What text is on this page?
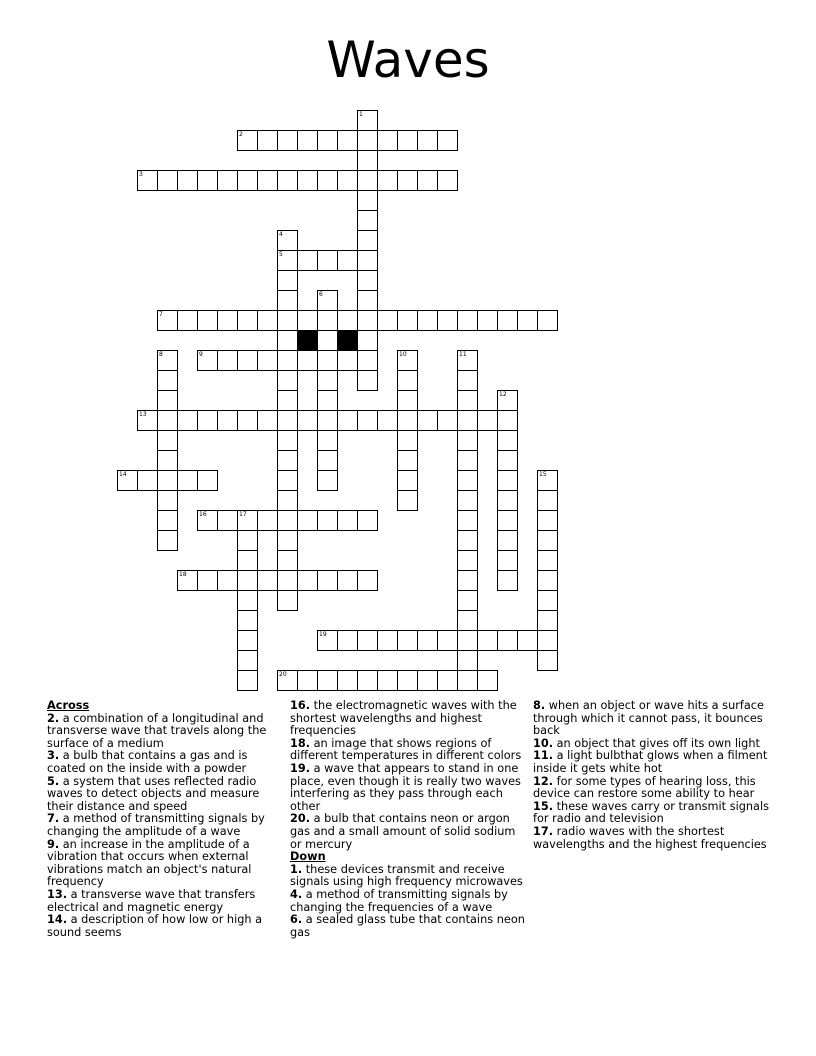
Waves
1
2
3
4
5
6
7
8	9	10	11
12
13
14	15
16	17
18
19
20
Across
2. a combination of a longitudinal and transverse wave that travels along the surface of a medium
3. a bulb that contains a gas and is coated on the inside with a powder
5. a system that uses reflected radio waves to detect objects and measure their distance and speed
7. a method of transmitting signals by changing the amplitude of a wave
9. an increase in the amplitude of a vibration that occurs when external vibrations match an object's natural frequency
13. a transverse wave that transfers electrical and magnetic energy
14. a description of how low or high a sound seems
16. the electromagnetic waves with the shortest wavelengths and highest frequencies
18. an image that shows regions of different temperatures in different colors
19. a wave that appears to stand in one place, even though it is really two waves interfering as they pass through each other
20. a bulb that contains neon or argon gas and a small amount of solid sodium or mercury
Down
1. these devices transmit and receive signals using high frequency microwaves
4. a method of transmitting signals by changing the frequencies of a wave
6. a sealed glass tube that contains neon gas
8. when an object or wave hits a surface through which it cannot pass, it bounces back
10. an object that gives off its own light
11. a light bulbthat glows when a filment inside it gets white hot
12. for some types of hearing loss, this device can restore some ability to hear
15. these waves carry or transmit signals for radio and television
17. radio waves with the shortest wavelengths and the highest frequencies
